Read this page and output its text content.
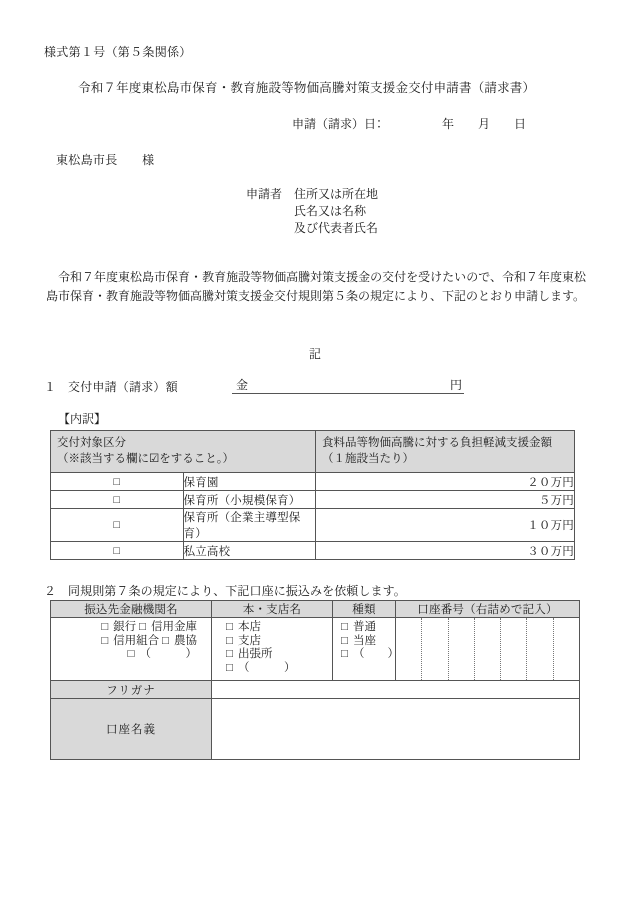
様式第１号（第５条関係）
令和７年度東松島市保育・教育施設等物価高騰対策支援金交付申請書（請求書）
申請（請求）日：　　　　　年　　月　　日
東松島市長　　様
申請者　 住所又は所在地
　　　　氏名又は名称
　　　　及び代表者氏名
令和７年度東松島市保育・教育施設等物価高騰対策支援金の交付を受けたいので、令和７年度東松島市保育・教育施設等物価高騰対策支援金交付規則第５条の規定により、下記のとおり申請します。
記
１ 交付申請（請求）額	金	円
【内訳】
交付対象区分
（※該当する欄に☑をすること。）

食料品等物価高騰に対する負担軽減支援金額
（１施設当たり）

□	保育園	２０万円
□	保育所（小規模保育）	５万円
□	保育所（企業主導型保育）	１０万円
□	私立高校	３０万円
２ 同規則第７条の規定により、下記口座に振込みを依頼します。
振込先金融機関名	本・支店名	種類	口座番号（右詰めで記入）

□ 銀行 □ 信用金庫 □ 信用組合 □ 農協 □ （　　　）

□ 本店
□ 支店
□ 出張所
□ （　　　）

□ 普通
□ 当座
□ （　　）

フリガナ			
口座名義			
